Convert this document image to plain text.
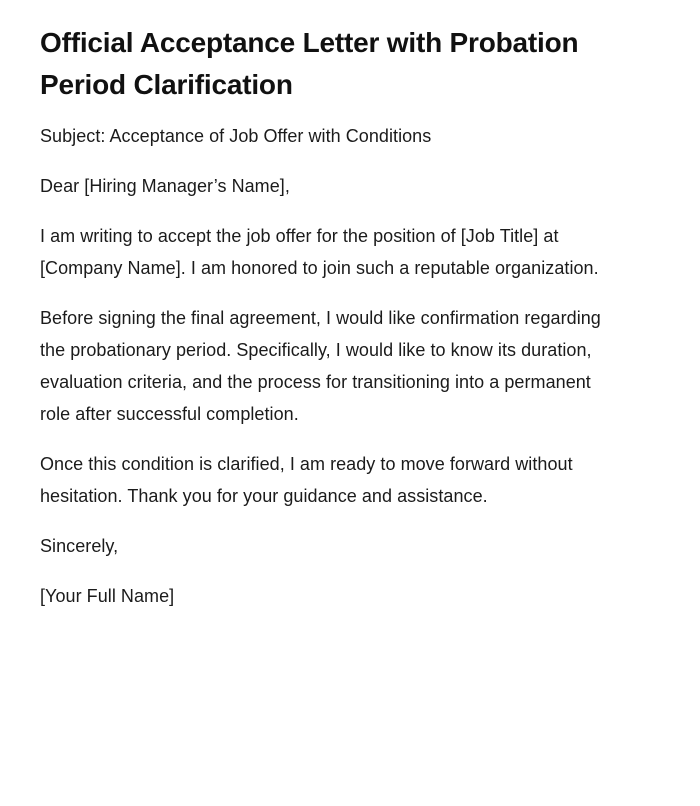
Official Acceptance Letter with Probation Period Clarification

Subject: Acceptance of Job Offer with Conditions

Dear [Hiring Manager’s Name],

I am writing to accept the job offer for the position of [Job Title] at [Company Name]. I am honored to join such a reputable organization.

Before signing the final agreement, I would like confirmation regarding the probationary period. Specifically, I would like to know its duration, evaluation criteria, and the process for transitioning into a permanent role after successful completion.

Once this condition is clarified, I am ready to move forward without hesitation. Thank you for your guidance and assistance.

Sincerely,

[Your Full Name]
